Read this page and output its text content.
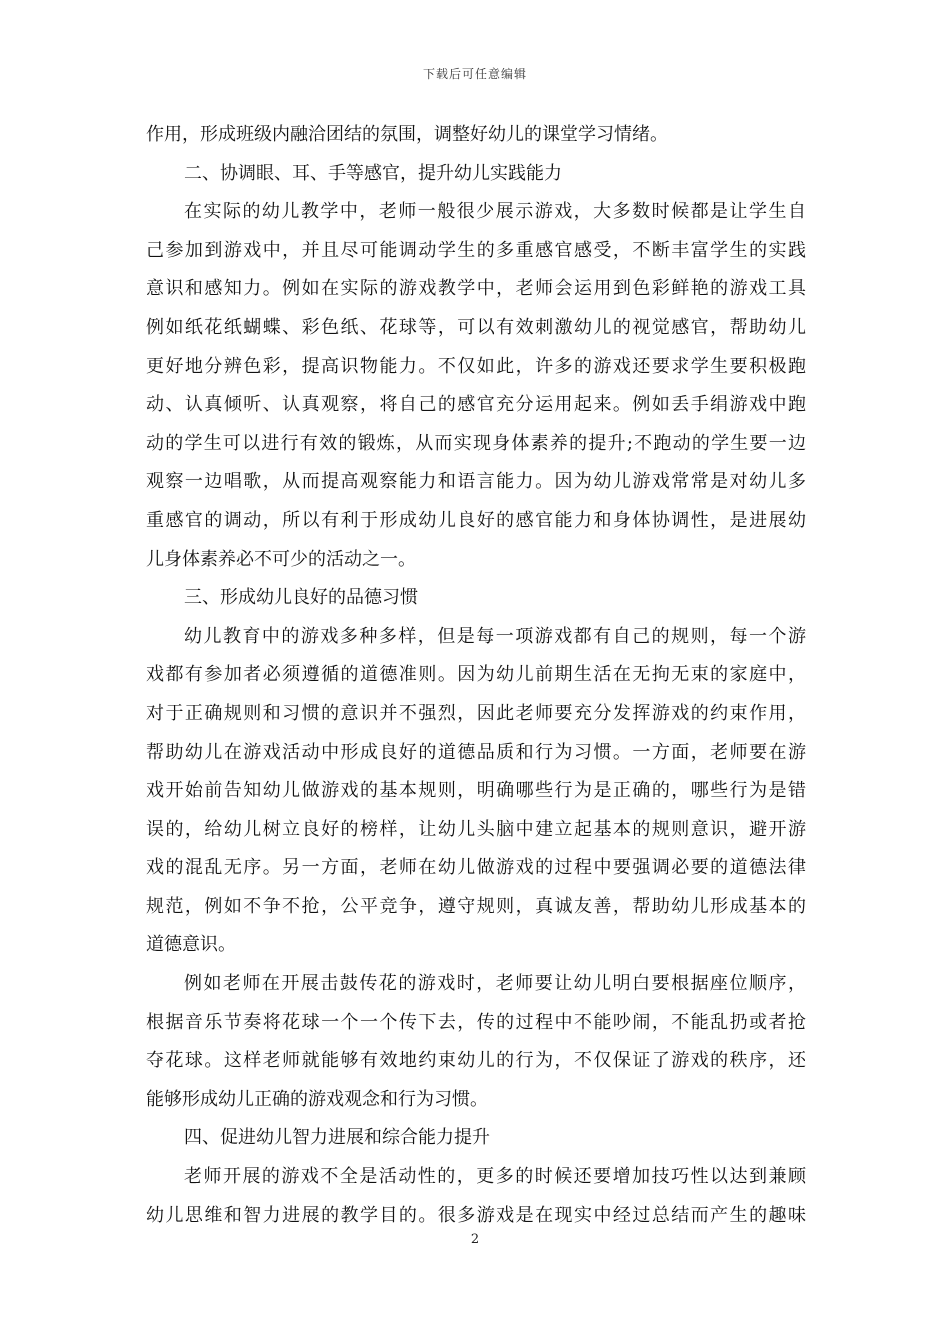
下载后可任意编辑
作用，形成班级内融洽团结的氛围，调整好幼儿的课堂学习情绪。
二、协调眼、耳、手等感官，提升幼儿实践能力
在实际的幼儿教学中，老师一般很少展示游戏，大多数时候都是让学生自
己参加到游戏中，并且尽可能调动学生的多重感官感受，不断丰富学生的实践
意识和感知力。例如在实际的游戏教学中，老师会运用到色彩鲜艳的游戏工具
例如纸花纸蝴蝶、彩色纸、花球等，可以有效刺激幼儿的视觉感官，帮助幼儿
更好地分辨色彩，提高识物能力。不仅如此，许多的游戏还要求学生要积极跑
动、认真倾听、认真观察，将自己的感官充分运用起来。例如丢手绢游戏中跑
动的学生可以进行有效的锻炼，从而实现身体素养的提升;不跑动的学生要一边
观察一边唱歌，从而提高观察能力和语言能力。因为幼儿游戏常常是对幼儿多
重感官的调动，所以有利于形成幼儿良好的感官能力和身体协调性，是进展幼
儿身体素养必不可少的活动之一。
三、形成幼儿良好的品德习惯
幼儿教育中的游戏多种多样，但是每一项游戏都有自己的规则，每一个游
戏都有参加者必须遵循的道德准则。因为幼儿前期生活在无拘无束的家庭中，
对于正确规则和习惯的意识并不强烈，因此老师要充分发挥游戏的约束作用，
帮助幼儿在游戏活动中形成良好的道德品质和行为习惯。一方面，老师要在游
戏开始前告知幼儿做游戏的基本规则，明确哪些行为是正确的，哪些行为是错
误的，给幼儿树立良好的榜样，让幼儿头脑中建立起基本的规则意识，避开游
戏的混乱无序。另一方面，老师在幼儿做游戏的过程中要强调必要的道德法律
规范，例如不争不抢，公平竞争，遵守规则，真诚友善，帮助幼儿形成基本的
道德意识。
例如老师在开展击鼓传花的游戏时，老师要让幼儿明白要根据座位顺序，
根据音乐节奏将花球一个一个传下去，传的过程中不能吵闹，不能乱扔或者抢
夺花球。这样老师就能够有效地约束幼儿的行为，不仅保证了游戏的秩序，还
能够形成幼儿正确的游戏观念和行为习惯。
四、促进幼儿智力进展和综合能力提升
老师开展的游戏不全是活动性的，更多的时候还要增加技巧性以达到兼顾
幼儿思维和智力进展的教学目的。很多游戏是在现实中经过总结而产生的趣味
2
